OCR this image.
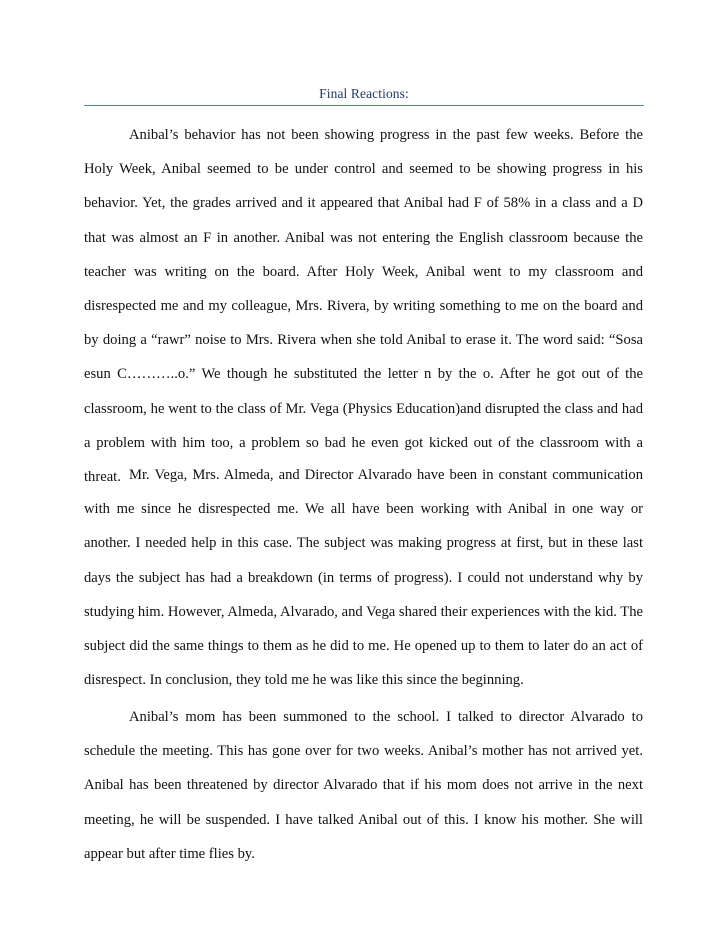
Final Reactions:

Anibal’s behavior has not been showing progress in the past few weeks. Before the Holy Week, Anibal seemed to be under control and seemed to be showing progress in his behavior. Yet, the grades arrived and it appeared that Anibal had F of 58% in a class and a D that was almost an F in another. Anibal was not entering the English classroom because the teacher was writing on the board. After Holy Week, Anibal went to my classroom and disrespected me and my colleague, Mrs. Rivera, by writing something to me on the board and by doing a “rawr” noise to Mrs. Rivera when she told Anibal to erase it. The word said: “Sosa esun C………..o.” We though he substituted the letter n by the o. After he got out of the classroom, he went to the class of Mr. Vega (Physics Education)and disrupted the class and had a problem with him too, a problem so bad he even got kicked out of the classroom with a threat. Mr. Vega, Mrs. Almeda, and Director Alvarado have been in constant communication with me since he disrespected me. We all have been working with Anibal in one way or another. I needed help in this case. The subject was making progress at first, but in these last days the subject has had a breakdown (in terms of progress). I could not understand why by studying him. However, Almeda, Alvarado, and Vega shared their experiences with the kid. The subject did the same things to them as he did to me. He opened up to them to later do an act of disrespect. In conclusion, they told me he was like this since the beginning.

Anibal’s mom has been summoned to the school. I talked to director Alvarado to schedule the meeting. This has gone over for two weeks. Anibal’s mother has not arrived yet. Anibal has been threatened by director Alvarado that if his mom does not arrive in the next meeting, he will be suspended. I have talked Anibal out of this. I know his mother. She will appear but after time flies by.
